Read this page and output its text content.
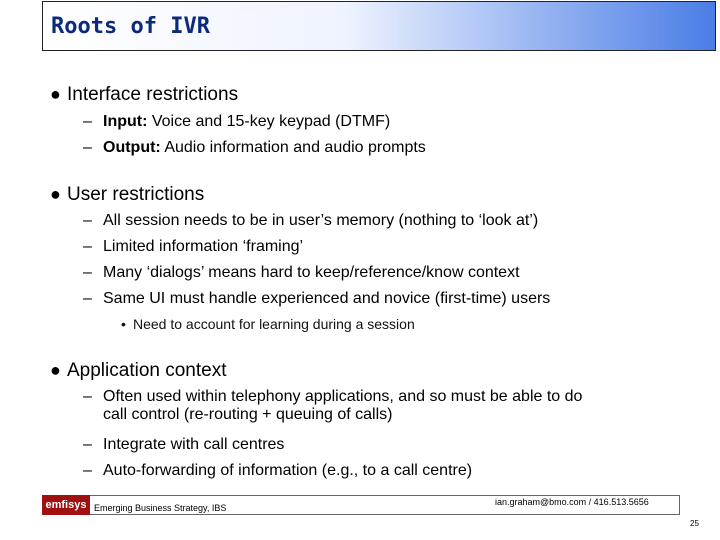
Roots of IVR
● Interface restrictions
– Input: Voice and 15-key keypad (DTMF)
– Output: Audio information and audio prompts
● User restrictions
– All session needs to be in user’s memory (nothing to ‘look at’)
– Limited information ‘framing’
– Many ‘dialogs’ means hard to keep/reference/know context
– Same UI must handle experienced and novice (first-time) users
• Need to account for learning during a session
● Application context
– Often used within telephony applications, and so must be able to do
call control (re-routing + queuing of calls)
– Integrate with call centres
– Auto-forwarding of information (e.g., to a call centre)
emfisys Emerging Business Strategy, IBS
ian.graham@bmo.com / 416.513.5656
25
